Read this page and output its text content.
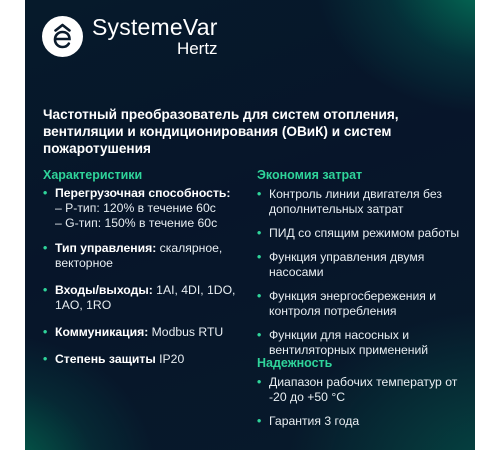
SystemeVar
Hertz
Частотный преобразователь для систем отопления, вентиляции и кондиционирования (ОВиК) и систем пожаротушения
Характеристики
• Перегрузочная способность:
– P-тип: 120% в течение 60с
– G-тип: 150% в течение 60с
• Тип управления: скалярное, векторное
• Входы/выходы: 1AI, 4DI, 1DO, 1AO, 1RO
• Коммуникация: Modbus RTU
• Степень защиты IP20
Экономия затрат
• Контроль линии двигателя без дополнительных затрат
• ПИД со спящим режимом работы
• Функция управления двумя насосами
• Функция энергосбережения и контроля потребления
• Функции для насосных и вентиляторных применений
Надежность
• Диапазон рабочих температур от -20 до +50 °C
• Гарантия 3 года
